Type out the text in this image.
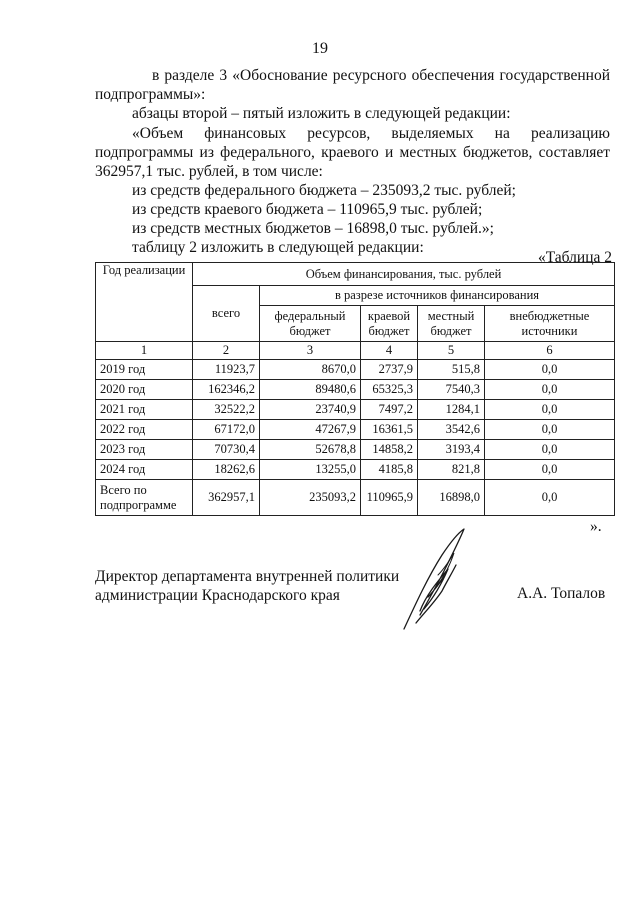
19
в разделе 3 «Обоснование ресурсного обеспечения государственной
подпрограммы»:
абзацы второй – пятый изложить в следующей редакции:
«Объем финансовых ресурсов, выделяемых на реализацию
подпрограммы из федерального, краевого и местных бюджетов, составляет
362957,1 тыс. рублей, в том числе:
«Таблица 2
Год реализации	Объем финансирования, тыс. рублей				
	всего	в разрезе источников финансирования			
		федеральный бюджет	краевой бюджет	местный бюджет	внебюджетные источники
1	2	3	4	5	6
2019 год	11923,7	8670,0	2737,9	515,8	0,0
2020 год	162346,2	89480,6	65325,3	7540,3	0,0
2021 год	32522,2	23740,9	7497,2	1284,1	0,0
2022 год	67172,0	47267,9	16361,5	3542,6	0,0
2023 год	70730,4	52678,8	14858,2	3193,4	0,0
2024 год	18262,6	13255,0	4185,8	821,8	0,0
Всего по подпрограмме	362957,1	235093,2	110965,9	16898,0	0,0
».
Директор департамента внутренней политики
администрации Краснодарского края	А.А. Топалов
из средств федерального бюджета – 235093,2 тыс. рублей;
из средств краевого бюджета – 110965,9 тыс. рублей;
из средств местных бюджетов – 16898,0 тыс. рублей.»;
таблицу 2 изложить в следующей редакции:
